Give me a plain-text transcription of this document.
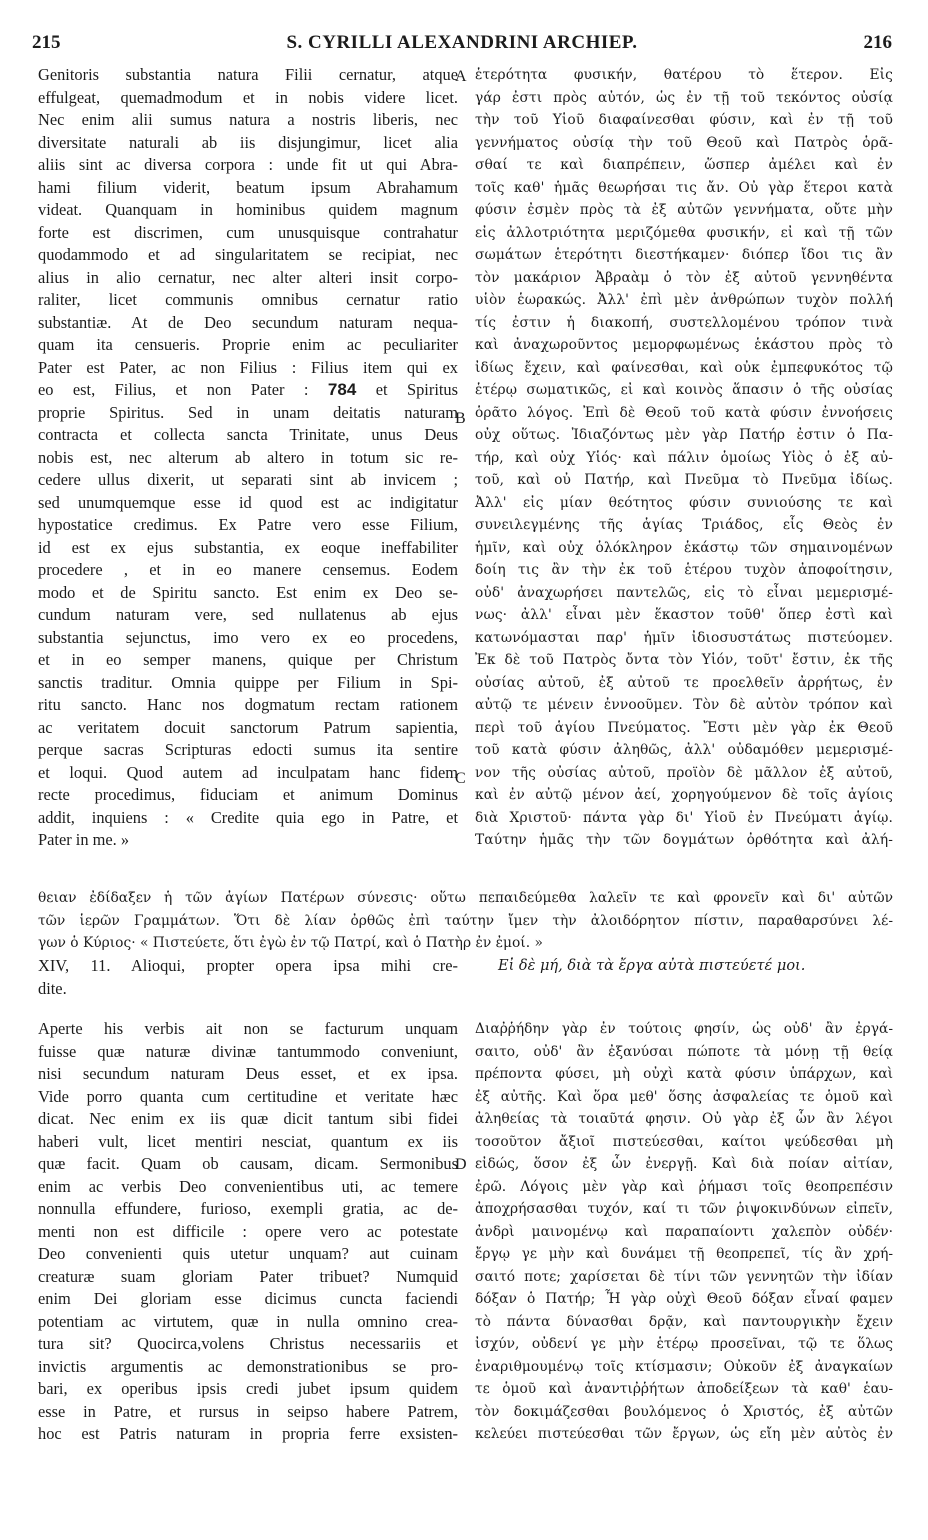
215	S. CYRILLI ALEXANDRINI ARCHIEP.	216
Genitoris substantia natura Filii cernatur, atque
effulgeat, quemadmodum et in nobis videre licet.
Nec enim alii sumus natura a nostris liberis, nec
diversitate naturali ab iis disjungimur, licet alia
aliis sint ac diversa corpora : unde fit ut qui Abra-
hami filium viderit, beatum ipsum Abrahamum
videat. Quanquam in hominibus quidem magnum
forte est discrimen, cum unusquisque contrahatur
quodammodo et ad singularitatem se recipiat, nec
alius in alio cernatur, nec alter alteri insit corpo-
raliter, licet communis omnibus cernatur ratio
substantiæ. At de Deo secundum naturam nequa-
quam ita censueris. Proprie enim ac peculiariter
Pater est Pater, ac non Filius : Filius item qui ex
eo est, Filius, et non Pater : 784 et Spiritus
proprie Spiritus. Sed in unam deitatis naturam
contracta et collecta sancta Trinitate, unus Deus
nobis est, nec alterum ab altero in totum sic re-
cedere ullus dixerit, ut separati sint ab invicem ;
sed unumquemque esse id quod est ac indigitatur
hypostatice credimus. Ex Patre vero esse Filium,
id est ex ejus substantia, ex eoque ineffabiliter
procedere , et in eo manere censemus. Eodem
modo et de Spiritu sancto. Est enim ex Deo se-
cundum naturam vere, sed nullatenus ab ejus
substantia sejunctus, imo vero ex eo procedens,
et in eo semper manens, quique per Christum
sanctis traditur. Omnia quippe per Filium in Spi-
ritu sancto. Hanc nos dogmatum rectam rationem
ac veritatem docuit sanctorum Patrum sapientia,
perque sacras Scripturas edocti sumus ita sentire
et loqui. Quod autem ad inculpatam hanc fidem
recte procedimus, fiduciam et animum Dominus
addit, inquiens : « Credite quia ego in Patre, et
Pater in me. »
ἑτερότητα φυσικήν, θατέρου τὸ ἕτερον. Εἰς
γάρ ἐστι πρὸς αὐτόν, ὡς ἐν τῇ τοῦ τεκόντος οὐσίᾳ
τὴν τοῦ Υἱοῦ διαφαίνεσθαι φύσιν, καὶ ἐν τῇ τοῦ
γεννήματος οὐσίᾳ τὴν τοῦ Θεοῦ καὶ Πατρὸς ὁρᾶ-
σθαί τε καὶ διαπρέπειν, ὥσπερ ἀμέλει καὶ ἐν
τοῖς καθ' ἡμᾶς θεωρήσαι τις ἄν. Οὐ γὰρ ἕτεροι κατὰ
φύσιν ἐσμὲν πρὸς τὰ ἐξ αὐτῶν γεννήματα, οὔτε μὴν
εἰς ἀλλοτριότητα μεριζόμεθα φυσικήν, εἰ καὶ τῇ τῶν
σωμάτων ἑτερότητι διεστήκαμεν· διόπερ ἴδοι τις ἂν
τὸν μακάριον Ἀβραὰμ ὁ τὸν ἐξ αὐτοῦ γεννηθέντα
υἱὸν ἑωρακώς. Ἀλλ' ἐπὶ μὲν ἀνθρώπων τυχὸν πολλή
τίς ἐστιν ἡ διακοπή, συστελλομένου τρόπον τινὰ
καὶ ἀναχωροῦντος μεμορφωμένως ἑκάστου πρὸς τὸ
ἰδίως ἔχειν, καὶ φαίνεσθαι, καὶ οὐκ ἐμπεφυκότος τῷ
ἑτέρῳ σωματικῶς, εἰ καὶ κοινὸς ἅπασιν ὁ τῆς οὐσίας
ὁρᾶτο λόγος. Ἐπὶ δὲ Θεοῦ τοῦ κατὰ φύσιν ἐννοήσεις
οὐχ οὕτως. Ἰδιαζόντως μὲν γὰρ Πατήρ ἐστιν ὁ Πα-
τήρ, καὶ οὐχ Υἱός· καὶ πάλιν ὁμοίως Υἱὸς ὁ ἐξ αὐ-
τοῦ, καὶ οὐ Πατήρ, καὶ Πνεῦμα τὸ Πνεῦμα ἰδίως.
Ἀλλ' εἰς μίαν θεότητος φύσιν συνιούσης τε καὶ
συνειλεγμένης τῆς ἁγίας Τριάδος, εἷς Θεὸς ἐν
ἡμῖν, καὶ οὐχ ὁλόκληρον ἑκάστῳ τῶν σημαινομένων
δοίη τις ἂν τὴν ἐκ τοῦ ἑτέρου τυχὸν ἀποφοίτησιν,
οὐδ' ἀναχωρήσει παντελῶς, εἰς τὸ εἶναι μεμερισμέ-
νως· ἀλλ' εἶναι μὲν ἕκαστον τοῦθ' ὅπερ ἐστὶ καὶ
κατωνόμασται παρ' ἡμῖν ἰδιοσυστάτως πιστεύομεν.
Ἐκ δὲ τοῦ Πατρὸς ὄντα τὸν Υἱόν, τοῦτ' ἔστιν, ἐκ τῆς
οὐσίας αὐτοῦ, ἐξ αὐτοῦ τε προελθεῖν ἀρρήτως, ἐν
αὐτῷ τε μένειν ἐννοοῦμεν. Τὸν δὲ αὐτὸν τρόπον καὶ
περὶ τοῦ ἁγίου Πνεύματος. Ἔστι μὲν γὰρ ἐκ Θεοῦ
τοῦ κατὰ φύσιν ἀληθῶς, ἀλλ' οὐδαμόθεν μεμερισμέ-
νον τῆς οὐσίας αὐτοῦ, προϊὸν δὲ μᾶλλον ἐξ αὐτοῦ,
καὶ ἐν αὐτῷ μένον ἀεί, χορηγούμενον δὲ τοῖς ἁγίοις
διὰ Χριστοῦ· πάντα γὰρ δι' Υἱοῦ ἐν Πνεύματι ἁγίῳ.
Ταύτην ἡμᾶς τὴν τῶν δογμάτων ὀρθότητα καὶ ἀλή-
A
B
C
D
θειαν ἐδίδαξεν ἡ τῶν ἁγίων Πατέρων σύνεσις· οὕτω πεπαιδεύμεθα λαλεῖν τε καὶ φρονεῖν καὶ δι' αὐτῶν
τῶν ἱερῶν Γραμμάτων. Ὅτι δὲ λίαν ὀρθῶς ἐπὶ ταύτην ἴμεν τὴν ἀλοιδόρητον πίστιν, παραθαρσύνει λέ-
γων ὁ Κύριος· « Πιστεύετε, ὅτι ἐγὼ ἐν τῷ Πατρί, καὶ ὁ Πατὴρ ἐν ἐμοί. »
XIV, 11. Alioqui, propter opera ipsa mihi cre-
dite.
Εἰ δὲ μή, διὰ τὰ ἔργα αὐτὰ πιστεύετέ μοι.
Aperte his verbis ait non se facturum unquam
fuisse quæ naturæ divinæ tantummodo conveniunt,
nisi secundum naturam Deus esset, et ex ipsa.
Vide porro quanta cum certitudine et veritate hæc
dicat. Nec enim ex iis quæ dicit tantum sibi fidei
haberi vult, licet mentiri nesciat, quantum ex iis
quæ facit. Quam ob causam, dicam. Sermonibus
enim ac verbis Deo convenientibus uti, ac temere
nonnulla effundere, furioso, exempli gratia, ac de-
menti non est difficile : opere vero ac potestate
Deo convenienti quis utetur unquam? aut cuinam
creaturæ suam gloriam Pater tribuet? Numquid
enim Dei gloriam esse dicimus cuncta faciendi
potentiam ac virtutem, quæ in nulla omnino crea-
tura sit? Quocirca,volens Christus necessariis et
invictis argumentis ac demonstrationibus se pro-
bari, ex operibus ipsis credi jubet ipsum quidem
esse in Patre, et rursus in seipso habere Patrem,
hoc est Patris naturam in propria ferre exsisten-
Διαῤῥήδην γὰρ ἐν τούτοις φησίν, ὡς οὐδ' ἂν ἐργά-
σαιτο, οὐδ' ἂν ἐξανύσαι πώποτε τὰ μόνῃ τῇ θείᾳ
πρέποντα φύσει, μὴ οὐχὶ κατὰ φύσιν ὑπάρχων, καὶ
ἐξ αὐτῆς. Καὶ ὅρα μεθ' ὅσης ἀσφαλείας τε ὁμοῦ καὶ
ἀληθείας τὰ τοιαῦτά φησιν. Οὐ γὰρ ἐξ ὧν ἂν λέγοι
τοσοῦτον ἄξιοῖ πιστεύεσθαι, καίτοι ψεύδεσθαι μὴ
εἰδώς, ὅσον ἐξ ὧν ἐνεργῇ. Καὶ διὰ ποίαν αἰτίαν,
ἐρῶ. Λόγοις μὲν γὰρ καὶ ῥήμασι τοῖς θεοπρεπέσιν
ἀποχρήσασθαι τυχόν, καί τι τῶν ῥιψοκινδύνων εἰπεῖν,
ἀνδρὶ μαινομένῳ καὶ παραπαίοντι χαλεπὸν οὐδέν·
ἔργῳ γε μὴν καὶ δυνάμει τῇ θεοπρεπεῖ, τίς ἂν χρή-
σαιτό ποτε; χαρίσεται δὲ τίνι τῶν γεννητῶν τὴν ἰδίαν
δόξαν ὁ Πατήρ; Ἦ γὰρ οὐχὶ Θεοῦ δόξαν εἶναί φαμεν
τὸ πάντα δύνασθαι δρᾷν, καὶ παντουργικὴν ἔχειν
ἰσχύν, οὐδενί γε μὴν ἑτέρῳ προσεῖναι, τῷ τε ὅλως
ἐναριθμουμένῳ τοῖς κτίσμασιν; Οὐκοῦν ἐξ ἀναγκαίων
τε ὁμοῦ καὶ ἀναντιῤῥήτων ἀποδείξεων τὰ καθ' ἑαυ-
τὸν δοκιμάζεσθαι βουλόμενος ὁ Χριστός, ἐξ αὐτῶν
κελεύει πιστεύεσθαι τῶν ἔργων, ὡς εἴη μὲν αὐτὸς ἐν
